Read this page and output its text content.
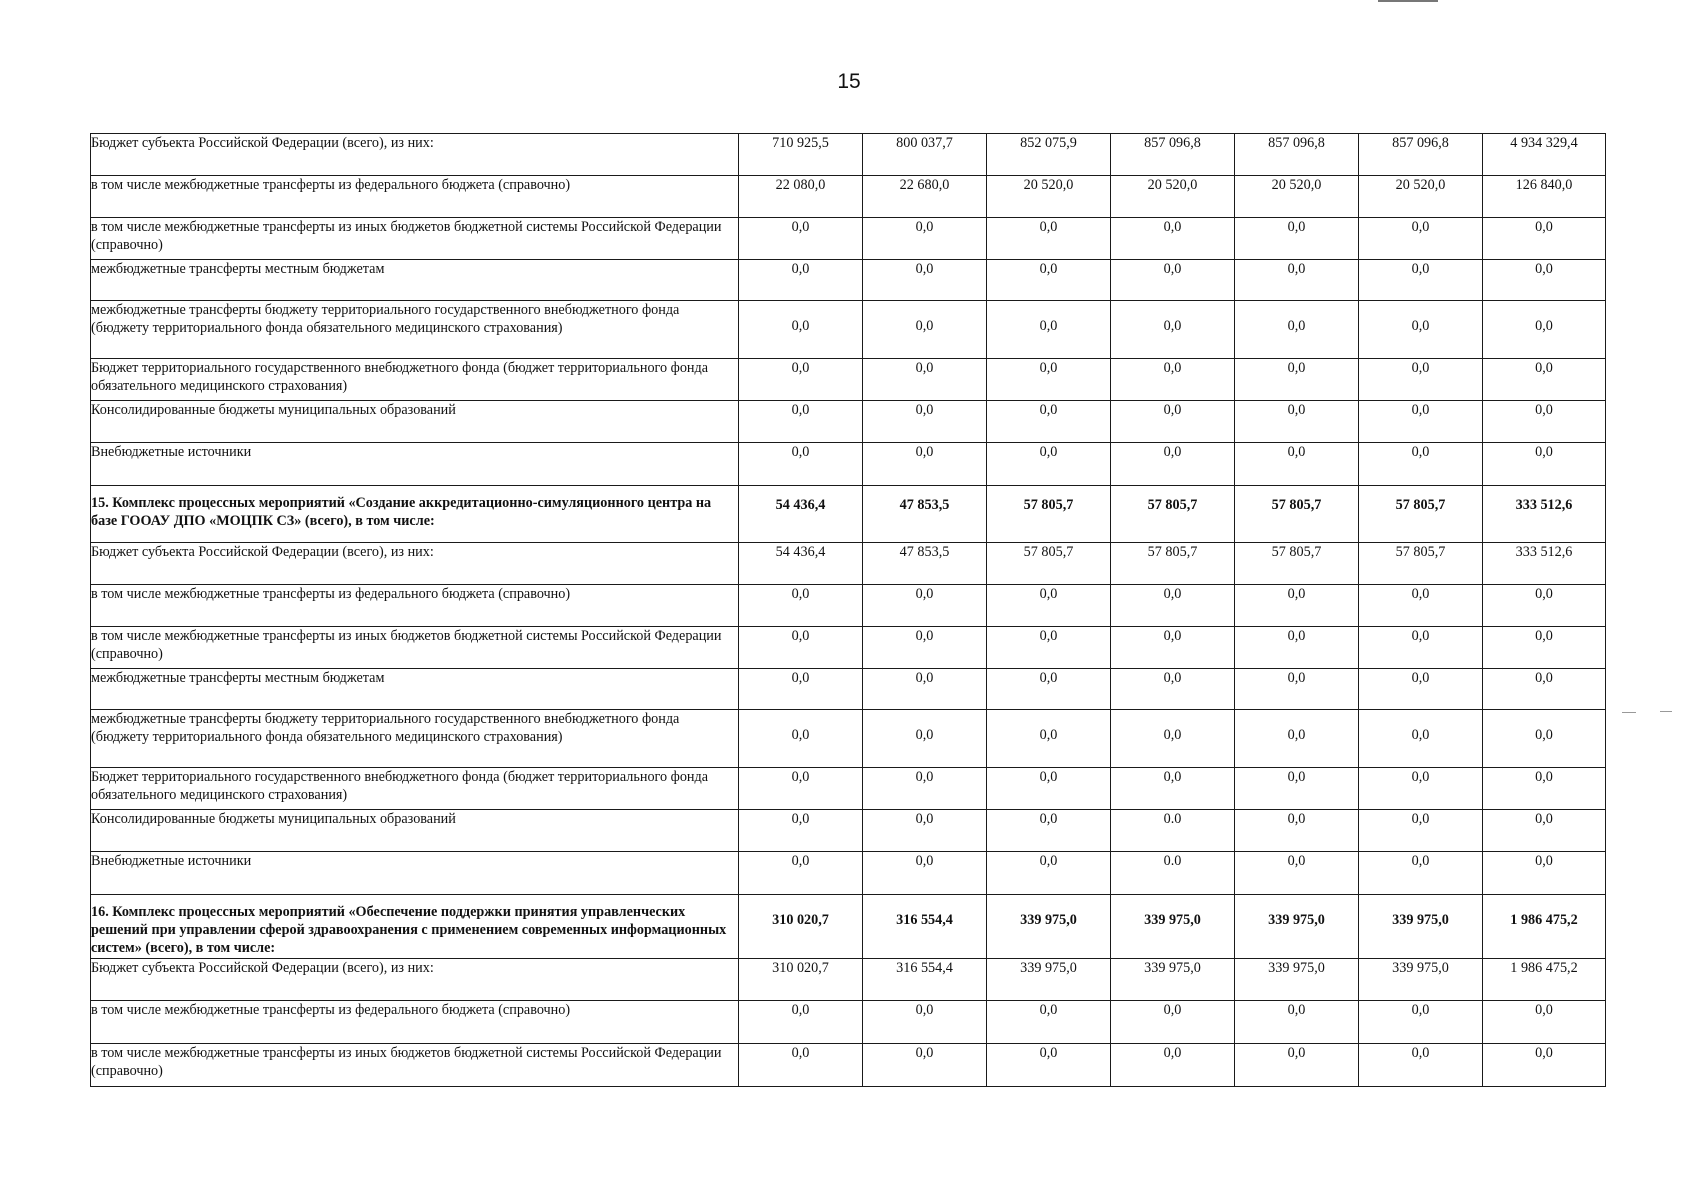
15
Бюджет субъекта Российской Федерации (всего), из них:	710 925,5	800 037,7	852 075,9	857 096,8	857 096,8	857 096,8	4 934 329,4
в том числе межбюджетные трансферты из федерального бюджета (справочно)	22 080,0	22 680,0	20 520,0	20 520,0	20 520,0	20 520,0	126 840,0
в том числе межбюджетные трансферты из иных бюджетов бюджетной системы Российской Федерации (справочно)	0,0	0,0	0,0	0,0	0,0	0,0	0,0
межбюджетные трансферты местным бюджетам	0,0	0,0	0,0	0,0	0,0	0,0	0,0
межбюджетные трансферты бюджету территориального государственного внебюджетного фонда (бюджету территориального фонда обязательного медицинского страхования)	0,0	0,0	0,0	0,0	0,0	0,0	0,0
Бюджет территориального государственного внебюджетного фонда (бюджет территориального фонда обязательного медицинского страхования)	0,0	0,0	0,0	0,0	0,0	0,0	0,0
Консолидированные бюджеты муниципальных образований	0,0	0,0	0,0	0,0	0,0	0,0	0,0
Внебюджетные источники	0,0	0,0	0,0	0,0	0,0	0,0	0,0
15. Комплекс процессных мероприятий «Создание аккредитационно-симуляционного центра на базе ГООАУ ДПО «МОЦПК СЗ» (всего), в том числе:	54 436,4	47 853,5	57 805,7	57 805,7	57 805,7	57 805,7	333 512,6
Бюджет субъекта Российской Федерации (всего), из них:	54 436,4	47 853,5	57 805,7	57 805,7	57 805,7	57 805,7	333 512,6
в том числе межбюджетные трансферты из федерального бюджета (справочно)	0,0	0,0	0,0	0,0	0,0	0,0	0,0
в том числе межбюджетные трансферты из иных бюджетов бюджетной системы Российской Федерации (справочно)	0,0	0,0	0,0	0,0	0,0	0,0	0,0
межбюджетные трансферты местным бюджетам	0,0	0,0	0,0	0,0	0,0	0,0	0,0
межбюджетные трансферты бюджету территориального государственного внебюджетного фонда (бюджету территориального фонда обязательного медицинского страхования)	0,0	0,0	0,0	0,0	0,0	0,0	0,0
Бюджет территориального государственного внебюджетного фонда (бюджет территориального фонда обязательного медицинского страхования)	0,0	0,0	0,0	0,0	0,0	0,0	0,0
Консолидированные бюджеты муниципальных образований	0,0	0,0	0,0	0.0	0,0	0,0	0,0
Внебюджетные источники	0,0	0,0	0,0	0.0	0,0	0,0	0,0
16. Комплекс процессных мероприятий «Обеспечение поддержки принятия управленческих решений при управлении сферой здравоохранения с применением современных информационных систем» (всего), в том числе:	310 020,7	316 554,4	339 975,0	339 975,0	339 975,0	339 975,0	1 986 475,2
Бюджет субъекта Российской Федерации (всего), из них:	310 020,7	316 554,4	339 975,0	339 975,0	339 975,0	339 975,0	1 986 475,2
в том числе межбюджетные трансферты из федерального бюджета (справочно)	0,0	0,0	0,0	0,0	0,0	0,0	0,0
в том числе межбюджетные трансферты из иных бюджетов бюджетной системы Российской Федерации (справочно)	0,0	0,0	0,0	0,0	0,0	0,0	0,0
